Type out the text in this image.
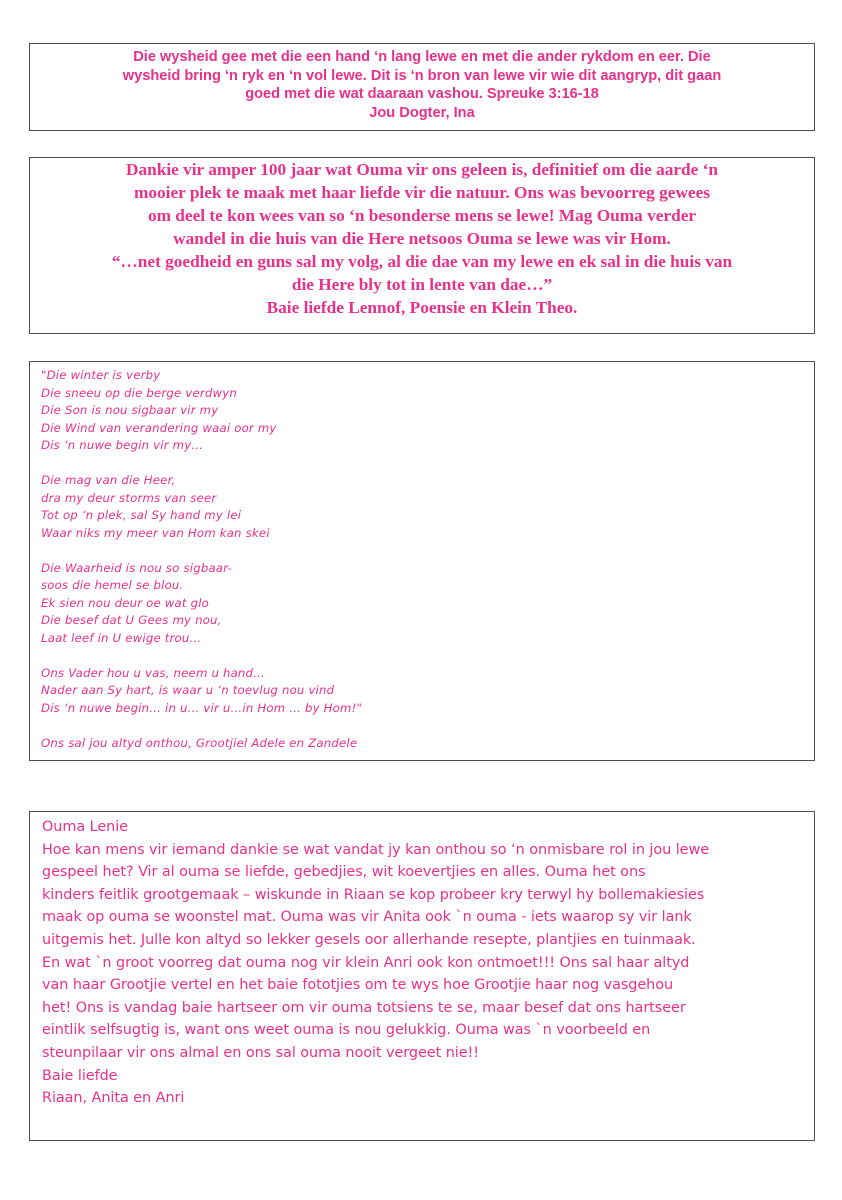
Die wysheid gee met die een hand ‘n lang lewe en met die ander rykdom en eer. Die
wysheid bring ‘n ryk en ‘n vol lewe. Dit is ‘n bron van lewe vir wie dit aangryp, dit gaan
goed met die wat daaraan vashou. Spreuke 3:16-18
Jou Dogter, Ina
Dankie vir amper 100 jaar wat Ouma vir ons geleen is, definitief om die aarde ‘n
mooier plek te maak met haar liefde vir die natuur. Ons was bevoorreg gewees
om deel te kon wees van so ‘n besonderse mens se lewe! Mag Ouma verder
wandel in die huis van die Here netsoos Ouma se lewe was vir Hom.
“…net goedheid en guns sal my volg, al die dae van my lewe en ek sal in die huis van
die Here bly tot in lente van dae…”
Baie liefde Lennof, Poensie en Klein Theo.
"Die winter is verby
Die sneeu op die berge verdwyn
Die Son is nou sigbaar vir my
Die Wind van verandering waai oor my
Dis ‘n nuwe begin vir my…
Die mag van die Heer,
dra my deur storms van seer
Tot op ‘n plek, sal Sy hand my lei
Waar niks my meer van Hom kan skei
Die Waarheid is nou so sigbaar-
soos die hemel se blou.
Ek sien nou deur oe wat glo
Die besef dat U Gees my nou,
Laat leef in U ewige trou…
Ons Vader hou u vas, neem u hand…
Nader aan Sy hart, is waar u ‘n toevlug nou vind
Dis ‘n nuwe begin… in u… vir u…in Hom … by Hom!"
Ons sal jou altyd onthou, Grootjiel Adele en Zandele
Ouma Lenie
Hoe kan mens vir iemand dankie se wat vandat jy kan onthou so ‘n onmisbare rol in jou lewe
gespeel het? Vir al ouma se liefde, gebedjies, wit koevertjies en alles. Ouma het ons
kinders feitlik grootgemaak – wiskunde in Riaan se kop probeer kry terwyl hy bollemakiesies
maak op ouma se woonstel mat. Ouma was vir Anita ook `n ouma - iets waarop sy vir lank
uitgemis het. Julle kon altyd so lekker gesels oor allerhande resepte, plantjies en tuinmaak.
En wat `n groot voorreg dat ouma nog vir klein Anri ook kon ontmoet!!! Ons sal haar altyd
van haar Grootjie vertel en het baie fototjies om te wys hoe Grootjie haar nog vasgehou
het! Ons is vandag baie hartseer om vir ouma totsiens te se, maar besef dat ons hartseer
eintlik selfsugtig is, want ons weet ouma is nou gelukkig. Ouma was `n voorbeeld en
steunpilaar vir ons almal en ons sal ouma nooit vergeet nie!!
Baie liefde
Riaan, Anita en Anri
